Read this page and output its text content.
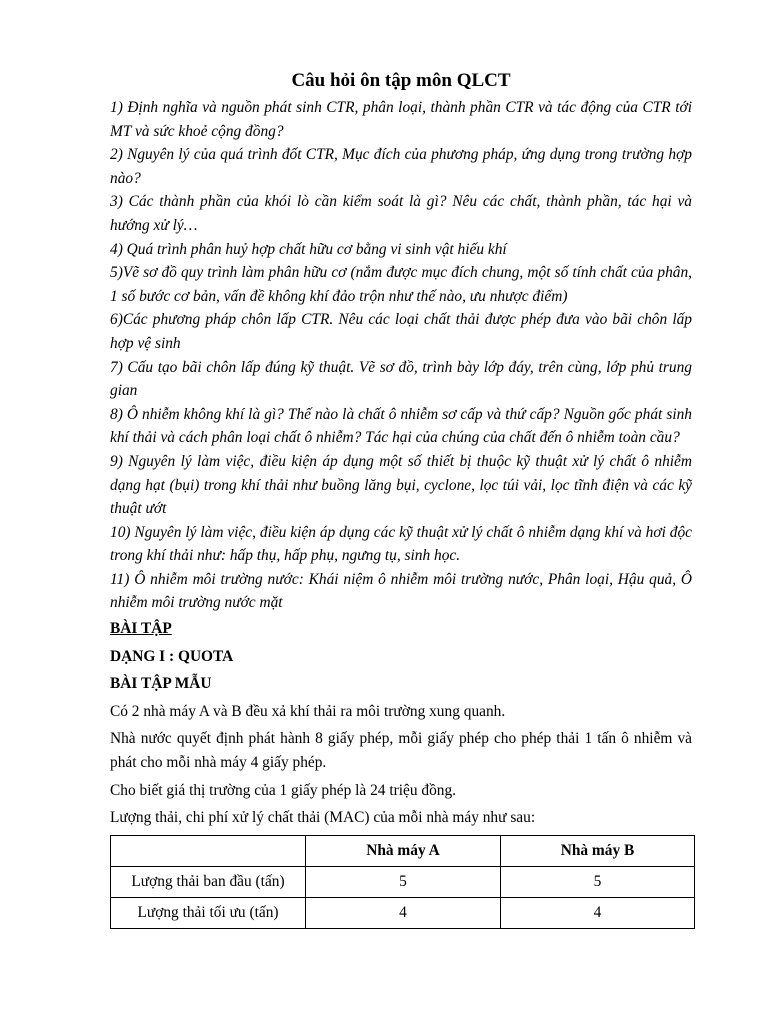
Câu hỏi ôn tập môn QLCT

1) Định nghĩa và nguồn phát sinh CTR, phân loại, thành phần CTR và tác động của CTR tới MT và sức khoẻ cộng đồng?

2) Nguyên lý của quá trình đốt CTR, Mục đích của phương pháp, ứng dụng trong trường hợp nào?

3) Các thành phần của khói lò cần kiểm soát là gì? Nêu các chất, thành phần, tác hại và hướng xử lý…

4) Quá trình phân huỷ hợp chất hữu cơ bằng vi sinh vật hiếu khí

5)Vẽ sơ đồ quy trình làm phân hữu cơ (nắm được mục đích chung, một số tính chất của phân, 1 số bước cơ bản, vấn đề không khí đảo trộn như thế nào, ưu nhược điểm)

6)Các phương pháp chôn lấp CTR. Nêu các loại chất thải được phép đưa vào bãi chôn lấp hợp vệ sinh

7) Cấu tạo bãi chôn lấp đúng kỹ thuật. Vẽ sơ đồ, trình bày lớp đáy, trên cùng, lớp phủ trung gian

8) Ô nhiễm không khí là gì? Thế nào là chất ô nhiễm sơ cấp và thứ cấp? Nguồn gốc phát sinh khí thải và cách phân loại chất ô nhiễm? Tác hại của chúng của chất đến ô nhiễm toàn cầu?

9) Nguyên lý làm việc, điều kiện áp dụng một số thiết bị thuộc kỹ thuật xử lý chất ô nhiễm dạng hạt (bụi) trong khí thải như buồng lăng bụi, cyclone, lọc túi vải, lọc tĩnh điện và các kỹ thuật ướt

10) Nguyên lý làm việc, điều kiện áp dụng các kỹ thuật xử lý chất ô nhiễm dạng khí và hơi độc trong khí thải như: hấp thụ, hấp phụ, ngưng tụ, sinh học.

11) Ô nhiễm môi trường nước: Khái niệm ô nhiễm môi trường nước, Phân loại, Hậu quả, Ô nhiễm môi trường nước mặt

BÀI TẬP

DẠNG I : QUOTA

BÀI TẬP MẪU

Có 2 nhà máy A và B đều xả khí thải ra môi trường xung quanh.

Nhà nước quyết định phát hành 8 giấy phép, mỗi giấy phép cho phép thải 1 tấn ô nhiễm và phát cho mỗi nhà máy 4 giấy phép.

Cho biết giá thị trường của 1 giấy phép là 24 triệu đồng.

Lượng thải, chi phí xử lý chất thải (MAC) của mỗi nhà máy như sau:

	Nhà máy A	Nhà máy B
Lượng thải ban đầu (tấn)	5	5
Lượng thải tối ưu (tấn)	4	4
